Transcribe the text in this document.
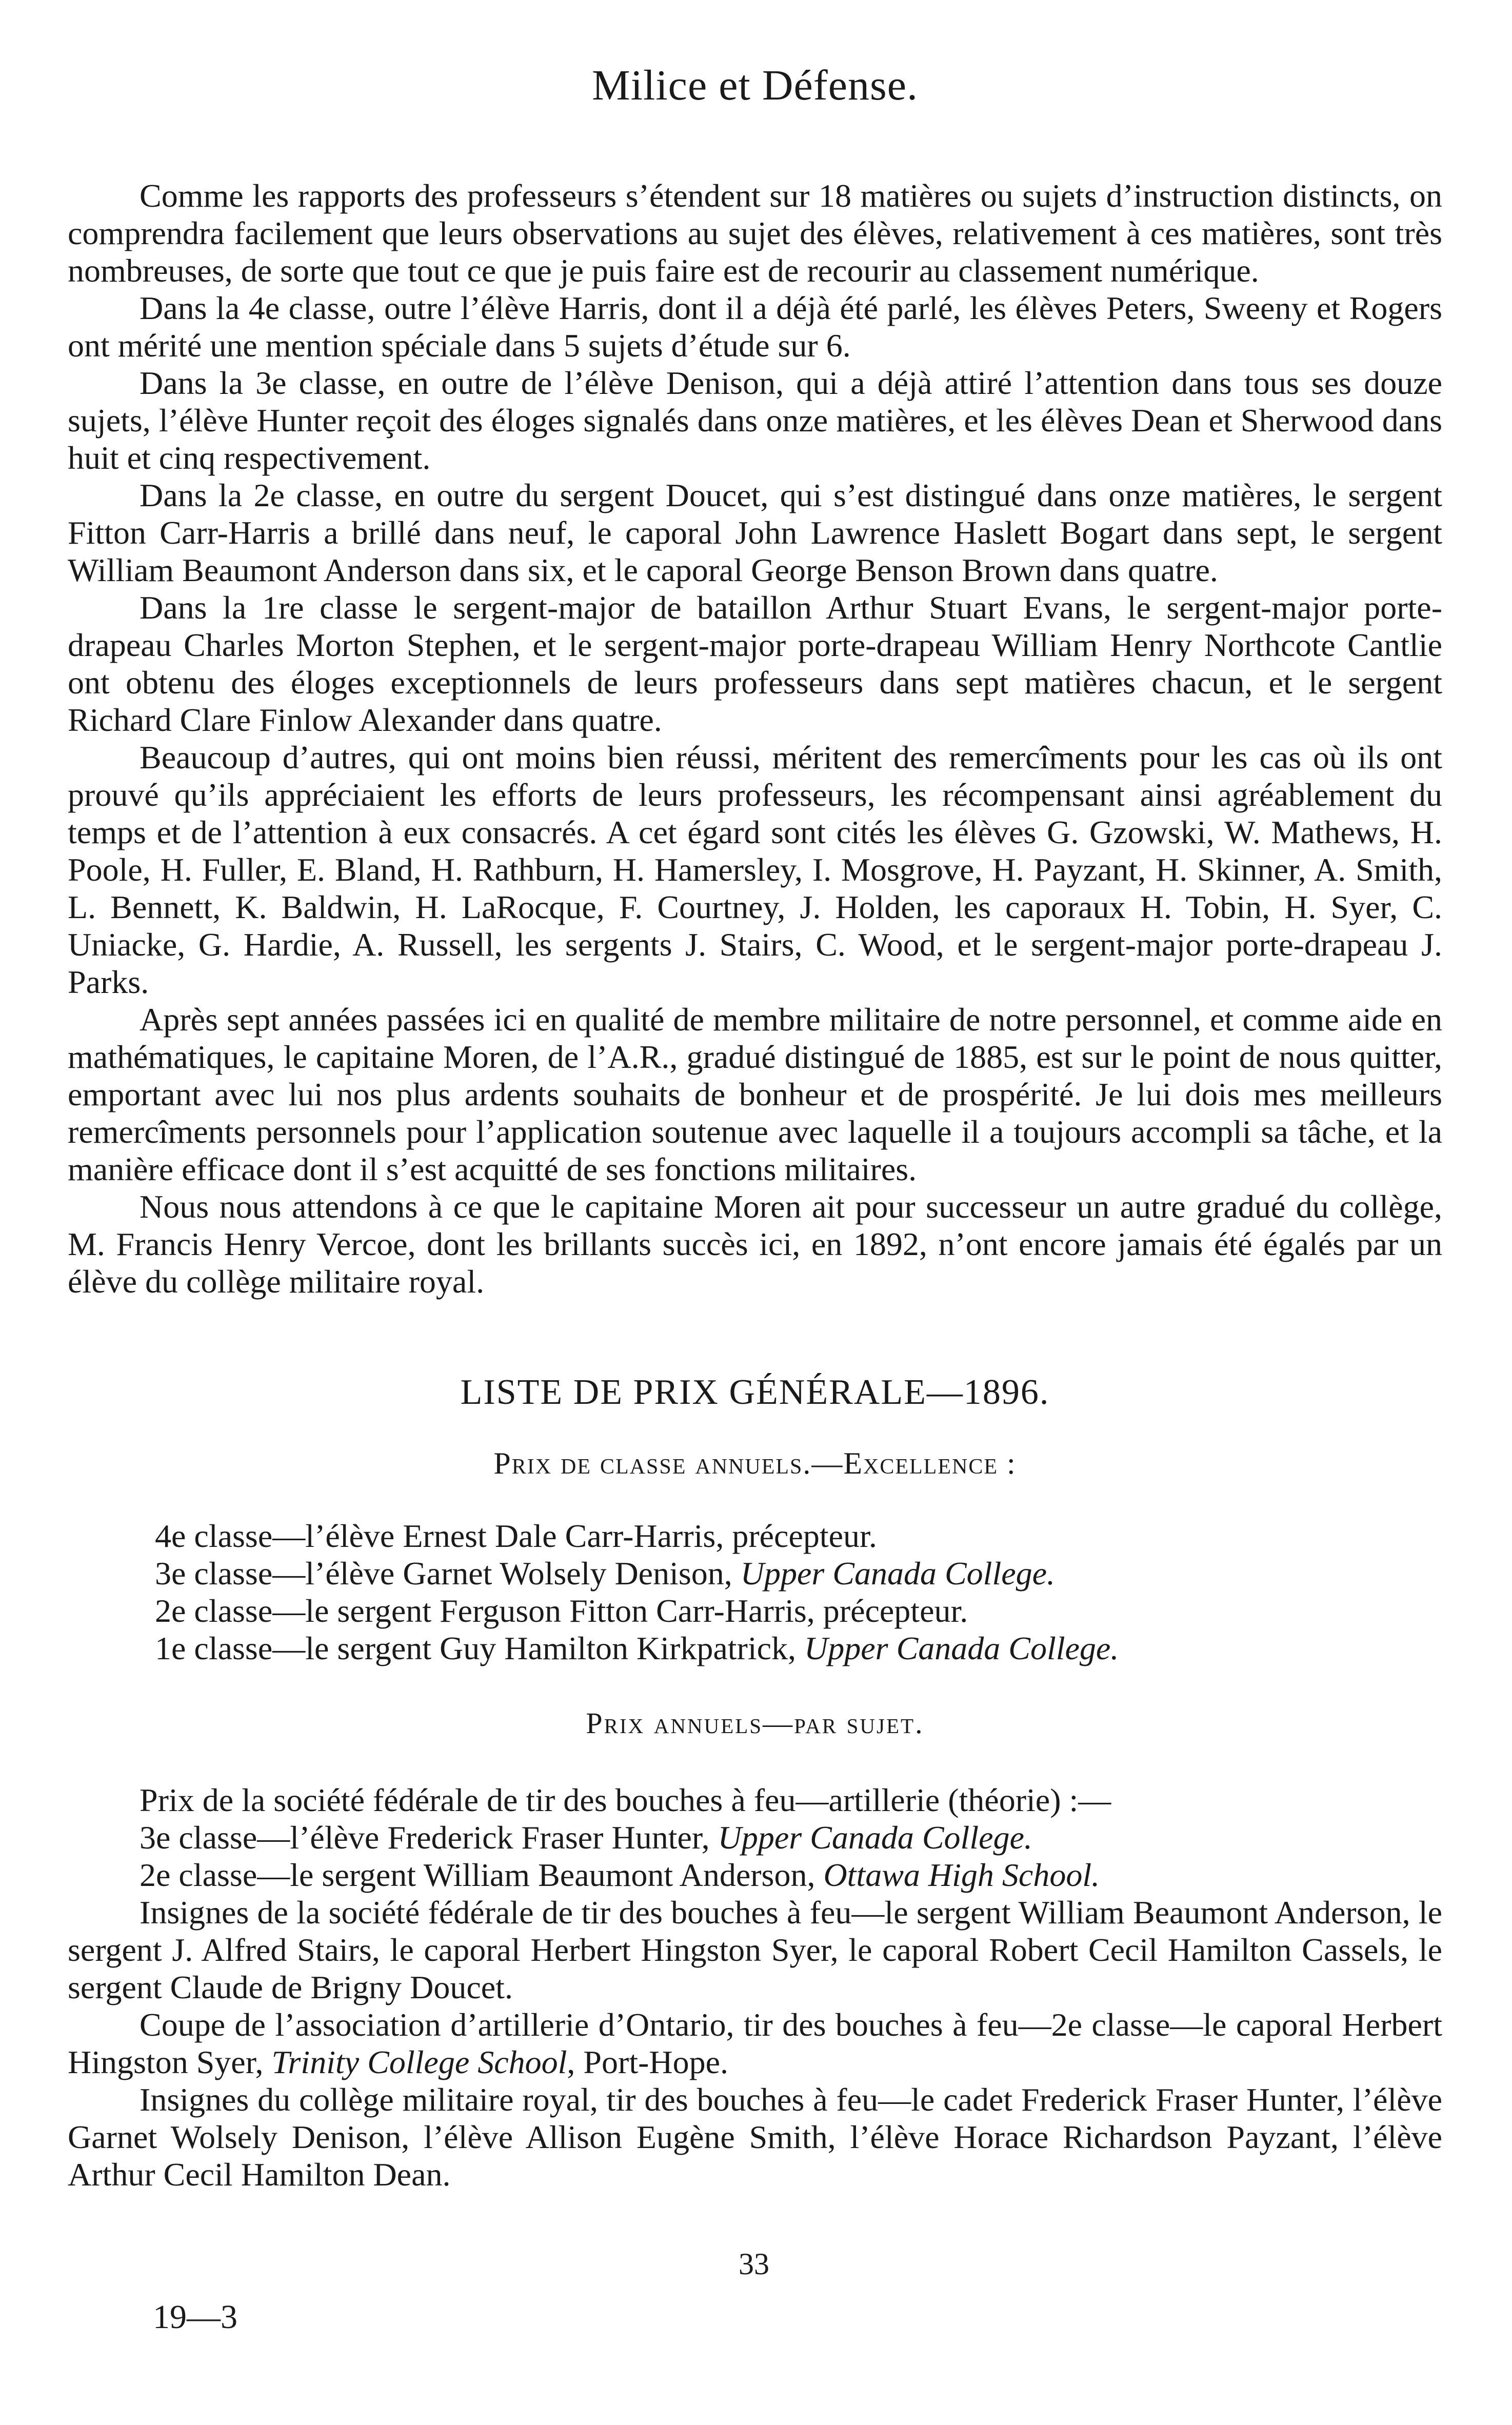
Milice et Défense.

Comme les rapports des professeurs s’étendent sur 18 matières ou sujets d’instruction distincts, on comprendra facilement que leurs observations au sujet des élèves, relativement à ces matières, sont très nombreuses, de sorte que tout ce que je puis faire est de recourir au classement numérique.

Dans la 4e classe, outre l’élève Harris, dont il a déjà été parlé, les élèves Peters, Sweeny et Rogers ont mérité une mention spéciale dans 5 sujets d’étude sur 6.

Dans la 3e classe, en outre de l’élève Denison, qui a déjà attiré l’attention dans tous ses douze sujets, l’élève Hunter reçoit des éloges signalés dans onze matières, et les élèves Dean et Sherwood dans huit et cinq respectivement.

Dans la 2e classe, en outre du sergent Doucet, qui s’est distingué dans onze matières, le sergent Fitton Carr-Harris a brillé dans neuf, le caporal John Lawrence Haslett Bogart dans sept, le sergent William Beaumont Anderson dans six, et le caporal George Benson Brown dans quatre.

Dans la 1re classe le sergent-major de bataillon Arthur Stuart Evans, le sergent-major porte-drapeau Charles Morton Stephen, et le sergent-major porte-drapeau William Henry Northcote Cantlie ont obtenu des éloges exceptionnels de leurs professeurs dans sept matières chacun, et le sergent Richard Clare Finlow Alexander dans quatre.

Beaucoup d’autres, qui ont moins bien réussi, méritent des remercîments pour les cas où ils ont prouvé qu’ils appréciaient les efforts de leurs professeurs, les récompensant ainsi agréablement du temps et de l’attention à eux consacrés. A cet égard sont cités les élèves G. Gzowski, W. Mathews, H. Poole, H. Fuller, E. Bland, H. Rathburn, H. Hamersley, I. Mosgrove, H. Payzant, H. Skinner, A. Smith, L. Bennett, K. Baldwin, H. LaRocque, F. Courtney, J. Holden, les caporaux H. Tobin, H. Syer, C. Uniacke, G. Hardie, A. Russell, les sergents J. Stairs, C. Wood, et le sergent-major porte-drapeau J. Parks.

Après sept années passées ici en qualité de membre militaire de notre personnel, et comme aide en mathématiques, le capitaine Moren, de l’A.R., gradué distingué de 1885, est sur le point de nous quitter, emportant avec lui nos plus ardents souhaits de bonheur et de prospérité. Je lui dois mes meilleurs remercîments personnels pour l’application soutenue avec laquelle il a toujours accompli sa tâche, et la manière efficace dont il s’est acquitté de ses fonctions militaires.

Nous nous attendons à ce que le capitaine Moren ait pour successeur un autre gradué du collège, M. Francis Henry Vercoe, dont les brillants succès ici, en 1892, n’ont encore jamais été égalés par un élève du collège militaire royal.

LISTE DE PRIX GÉNÉRALE—1896.
Prix de classe annuels.—Excellence :
4e classe—l’élève Ernest Dale Carr-Harris, précepteur.
3e classe—l’élève Garnet Wolsely Denison, Upper Canada College.
2e classe—le sergent Ferguson Fitton Carr-Harris, précepteur.
1e classe—le sergent Guy Hamilton Kirkpatrick, Upper Canada College.
Prix annuels—par sujet.

Prix de la société fédérale de tir des bouches à feu—artillerie (théorie) :—

3e classe—l’élève Frederick Fraser Hunter, Upper Canada College.

2e classe—le sergent William Beaumont Anderson, Ottawa High School.

Insignes de la société fédérale de tir des bouches à feu—le sergent William Beaumont Anderson, le sergent J. Alfred Stairs, le caporal Herbert Hingston Syer, le caporal Robert Cecil Hamilton Cassels, le sergent Claude de Brigny Doucet.

Coupe de l’association d’artillerie d’Ontario, tir des bouches à feu—2e classe—le caporal Herbert Hingston Syer, Trinity College School, Port-Hope.

Insignes du collège militaire royal, tir des bouches à feu—le cadet Frederick Fraser Hunter, l’élève Garnet Wolsely Denison, l’élève Allison Eugène Smith, l’élève Horace Richardson Payzant, l’élève Arthur Cecil Hamilton Dean.

33
19—3
